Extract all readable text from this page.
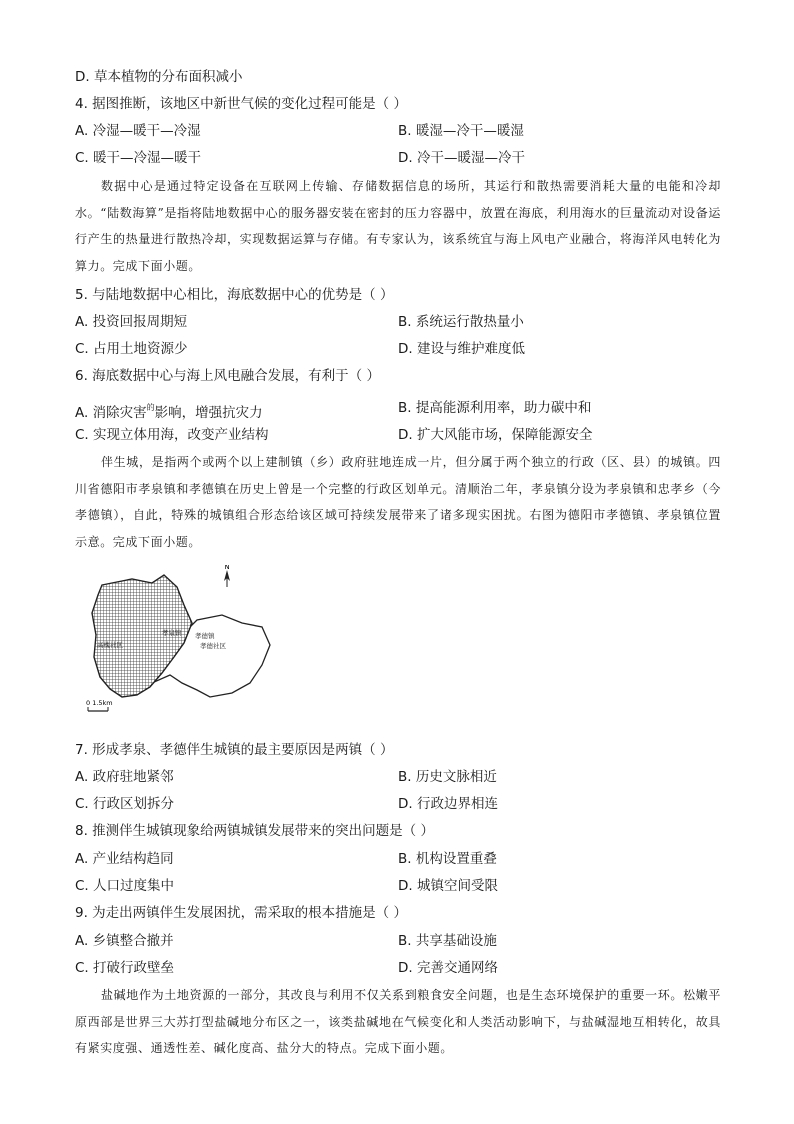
D. 草本植物的分布面积减小
4. 据图推断，该地区中新世气候的变化过程可能是（ ）
A. 冷湿—暖干—冷湿	B. 暖湿—冷干—暖湿
C. 暖干—冷湿—暖干	D. 冷干—暖湿—冷干

数据中心是通过特定设备在互联网上传输、存储数据信息的场所，其运行和散热需要消耗大量的电能和冷却水。“陆数海算”是指将陆地数据中心的服务器安装在密封的压力容器中，放置在海底，利用海水的巨量流动对设备运行产生的热量进行散热冷却，实现数据运算与存储。有专家认为，该系统宜与海上风电产业融合，将海洋风电转化为算力。完成下面小题。

5. 与陆地数据中心相比，海底数据中心的优势是（ ）
A. 投资回报周期短	B. 系统运行散热量小
C. 占用土地资源少	D. 建设与维护难度低
6. 海底数据中心与海上风电融合发展，有利于（ ）
A. 消除灾害$^的$影响，增强抗灾力	B. 提高能源利用率，助力碳中和
C. 实现立体用海，改变产业结构	D. 扩大风能市场，保障能源安全

伴生城，是指两个或两个以上建制镇（乡）政府驻地连成一片，但分属于两个独立的行政（区、县）的城镇。四川省德阳市孝泉镇和孝德镇在历史上曾是一个完整的行政区划单元。清顺治二年，孝泉镇分设为孝泉镇和忠孝乡（今孝德镇），自此，特殊的城镇组合形态给该区域可持续发展带来了诸多现实困扰。右图为德阳市孝德镇、孝泉镇位置示意。完成下面小题。

N
孝泉镇
高槐社区
孝德镇
孝德社区
0 1.5km
7. 形成孝泉、孝德伴生城镇的最主要原因是两镇（ ）
A. 政府驻地紧邻	B. 历史文脉相近
C. 行政区划拆分	D. 行政边界相连
8. 推测伴生城镇现象给两镇城镇发展带来的突出问题是（ ）
A. 产业结构趋同	B. 机构设置重叠
C. 人口过度集中	D. 城镇空间受限
9. 为走出两镇伴生发展困扰，需采取的根本措施是（ ）
A. 乡镇整合撤并	B. 共享基础设施
C. 打破行政壁垒	D. 完善交通网络

盐碱地作为土地资源的一部分，其改良与利用不仅关系到粮食安全问题，也是生态环境保护的重要一环。松嫩平原西部是世界三大苏打型盐碱地分布区之一，该类盐碱地在气候变化和人类活动影响下，与盐碱湿地互相转化，故具有紧实度强、通透性差、碱化度高、盐分大的特点。完成下面小题。
